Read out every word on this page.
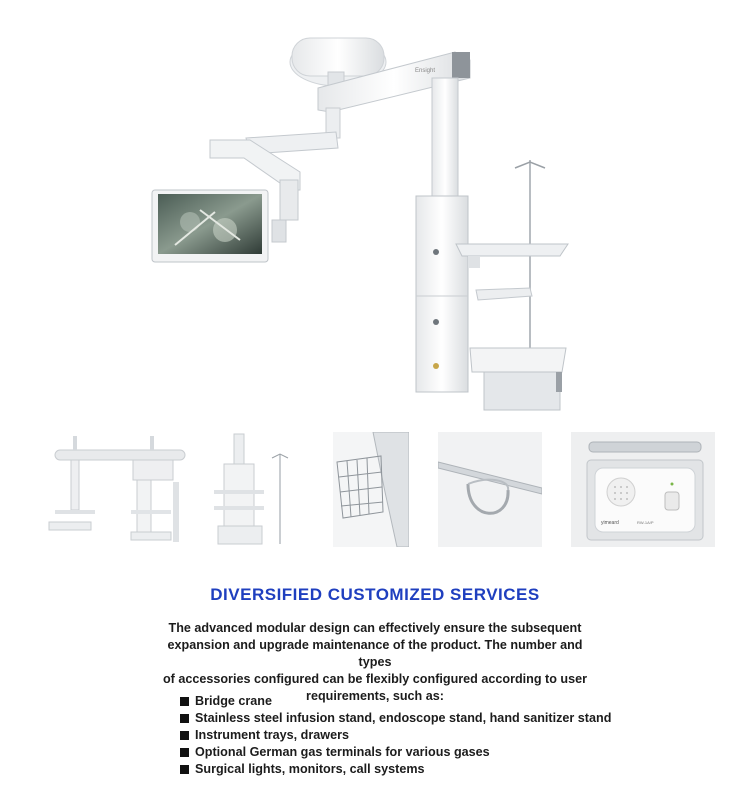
Ensight
yimeard	RW-1A/P
DIVERSIFIED CUSTOMIZED SERVICES
The advanced modular design can effectively ensure the subsequent
expansion and upgrade maintenance of the product. The number and types
of accessories configured can be flexibly configured according to user
requirements, such as:
Bridge crane
Stainless steel infusion stand, endoscope stand, hand sanitizer stand
Instrument trays, drawers
Optional German gas terminals for various gases
Surgical lights, monitors, call systems
